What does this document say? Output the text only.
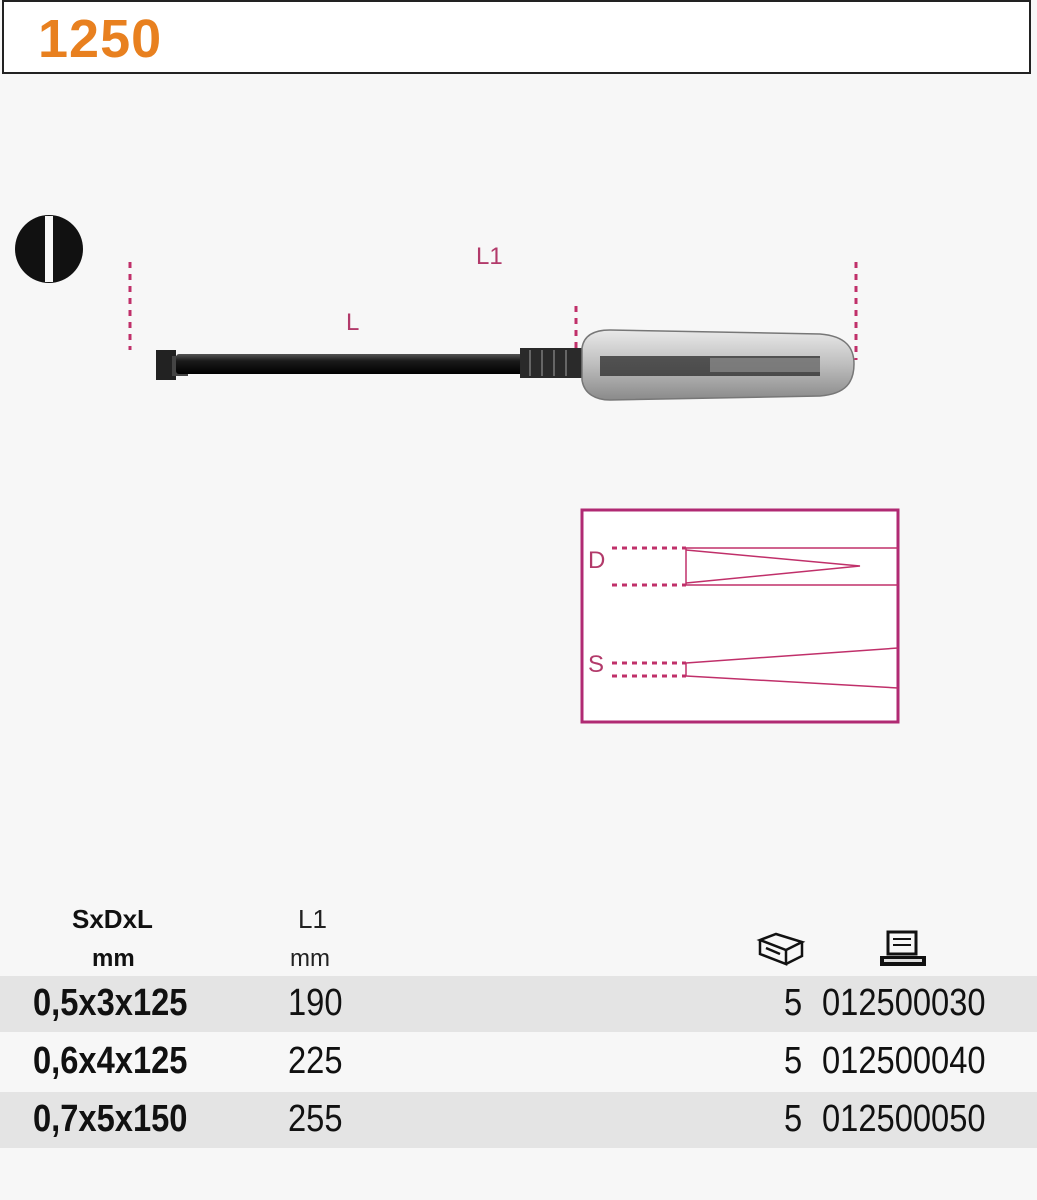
1250
L1
L
D
S
SxDxL
mm
L1
mm
0,5x3x125	190	5 012500030
0,6x4x125	225	5 012500040
0,7x5x150	255	5 012500050
